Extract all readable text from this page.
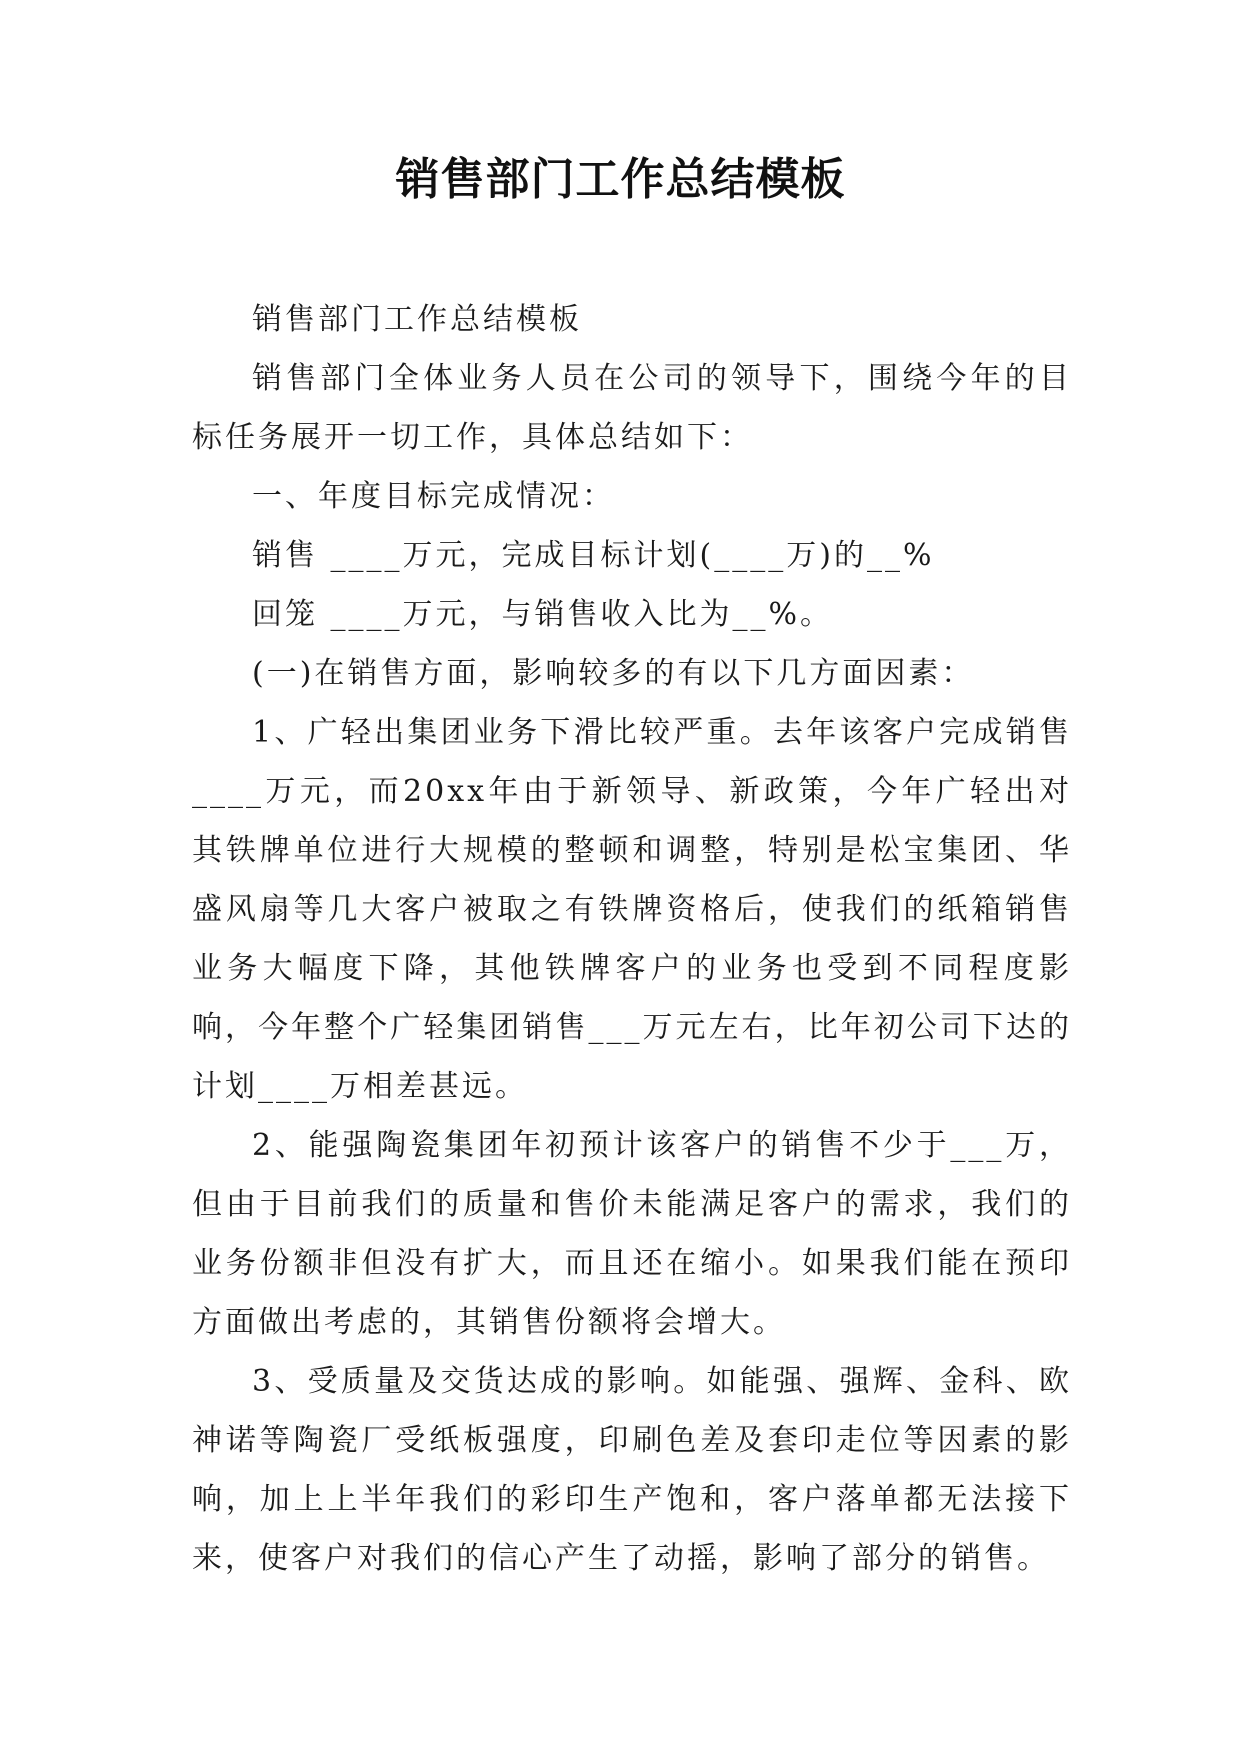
销售部门工作总结模板

销售部门工作总结模板

销售部门全体业务人员在公司的领导下，围绕今年的目标任务展开一切工作，具体总结如下：

一、年度目标完成情况：

销售 ____万元，完成目标计划(____万)的__%

回笼 ____万元，与销售收入比为__%。

(一)在销售方面，影响较多的有以下几方面因素：

1、广轻出集团业务下滑比较严重。去年该客户完成销售____万元，而20xx年由于新领导、新政策，今年广轻出对其铁牌单位进行大规模的整顿和调整，特别是松宝集团、华盛风扇等几大客户被取之有铁牌资格后，使我们的纸箱销售业务大幅度下降，其他铁牌客户的业务也受到不同程度影响，今年整个广轻集团销售___万元左右，比年初公司下达的计划____万相差甚远。

2、能强陶瓷集团年初预计该客户的销售不少于___万，但由于目前我们的质量和售价未能满足客户的需求，我们的业务份额非但没有扩大，而且还在缩小。如果我们能在预印方面做出考虑的，其销售份额将会增大。

3、受质量及交货达成的影响。如能强、强辉、金科、欧神诺等陶瓷厂受纸板强度，印刷色差及套印走位等因素的影响，加上上半年我们的彩印生产饱和，客户落单都无法接下来，使客户对我们的信心产生了动摇，影响了部分的销售。
